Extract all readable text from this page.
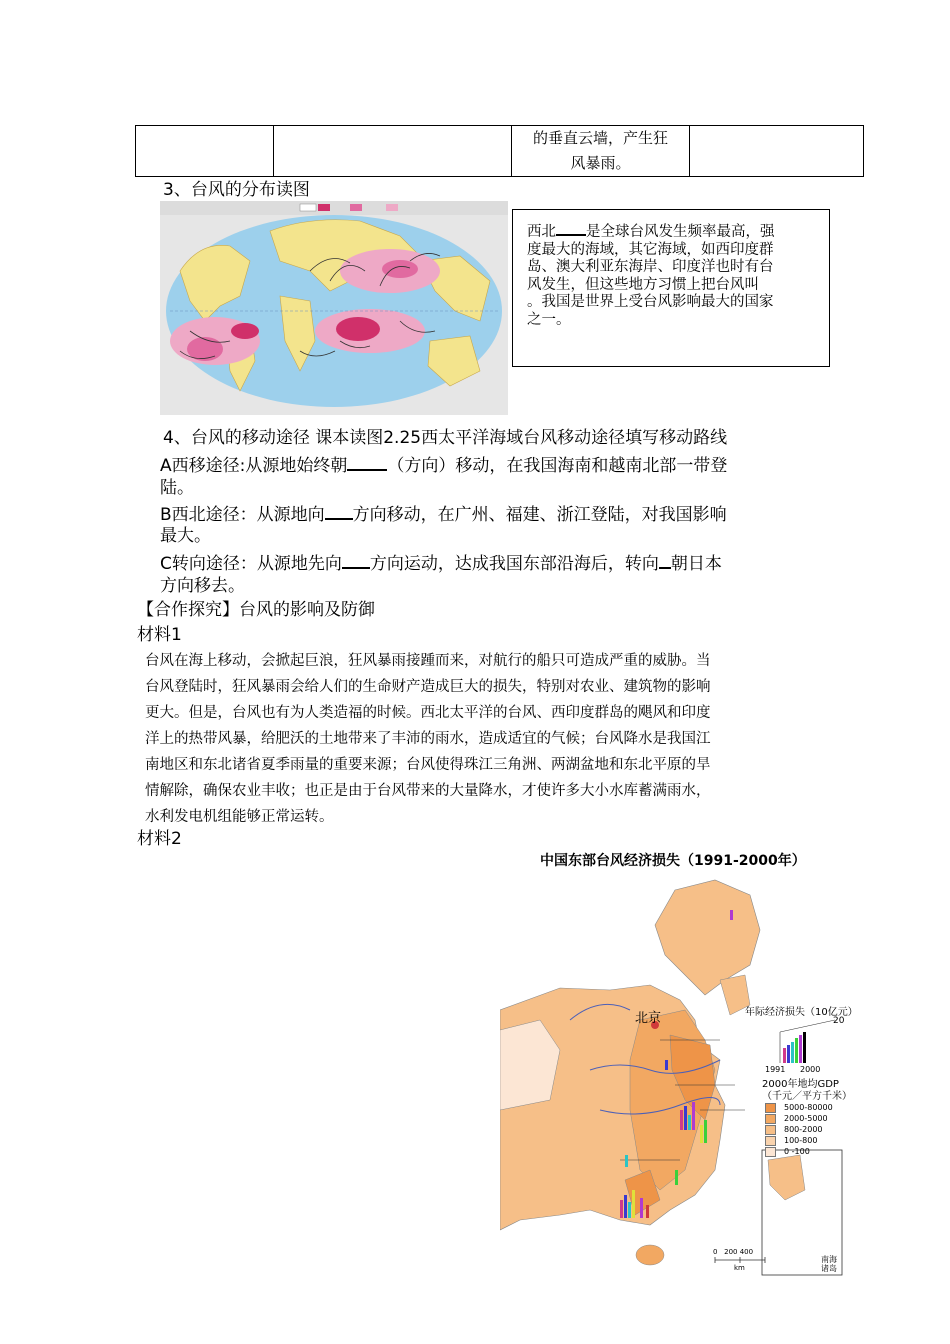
的垂直云墙，产生狂
风暴雨。

3、台风的分布读图
西北 是全球台风发生频率最高，强
度最大的海域，其它海域，如西印度群
岛、澳大利亚东海岸、印度洋也时有台
风发生，但这些地方习惯上把台风叫
。我国是世界上受台风影响最大的国家
之一。
4、台风的移动途径 课本读图2.25西太平洋海域台风移动途径填写移动路线
A西移途径:从源地始终朝 （方向）移动，在我国海南和越南北部一带登
陆。
B西北途径：从源地向 方向移动，在广州、福建、浙江登陆，对我国影响
最大。
C转向途径：从源地先向 方向运动，达成我国东部沿海后，转向 朝日本
方向移去。
【合作探究】台风的影响及防御
材料1
台风在海上移动，会掀起巨浪，狂风暴雨接踵而来，对航行的船只可造成严重的威胁。当
台风登陆时，狂风暴雨会给人们的生命财产造成巨大的损失，特别对农业、建筑物的影响
更大。但是，台风也有为人类造福的时候。西北太平洋的台风、西印度群岛的飓风和印度
洋上的热带风暴，给肥沃的土地带来了丰沛的雨水，造成适宜的气候；台风降水是我国江
南地区和东北诸省夏季雨量的重要来源；台风使得珠江三角洲、两湖盆地和东北平原的旱
情解除，确保农业丰收；也正是由于台风带来的大量降水，才使许多大小水库蓄满雨水，
水利发电机组能够正常运转。
材料2
中国东部台风经济损失（1991-2000年）
北京	年际经济损失（10亿元）
20
1991 2000
2000年地均GDP
（千元／平方千米）
5000-80000
2000-5000
800-2000
100-800
0 -100
0   200 400
km
南海诸岛
